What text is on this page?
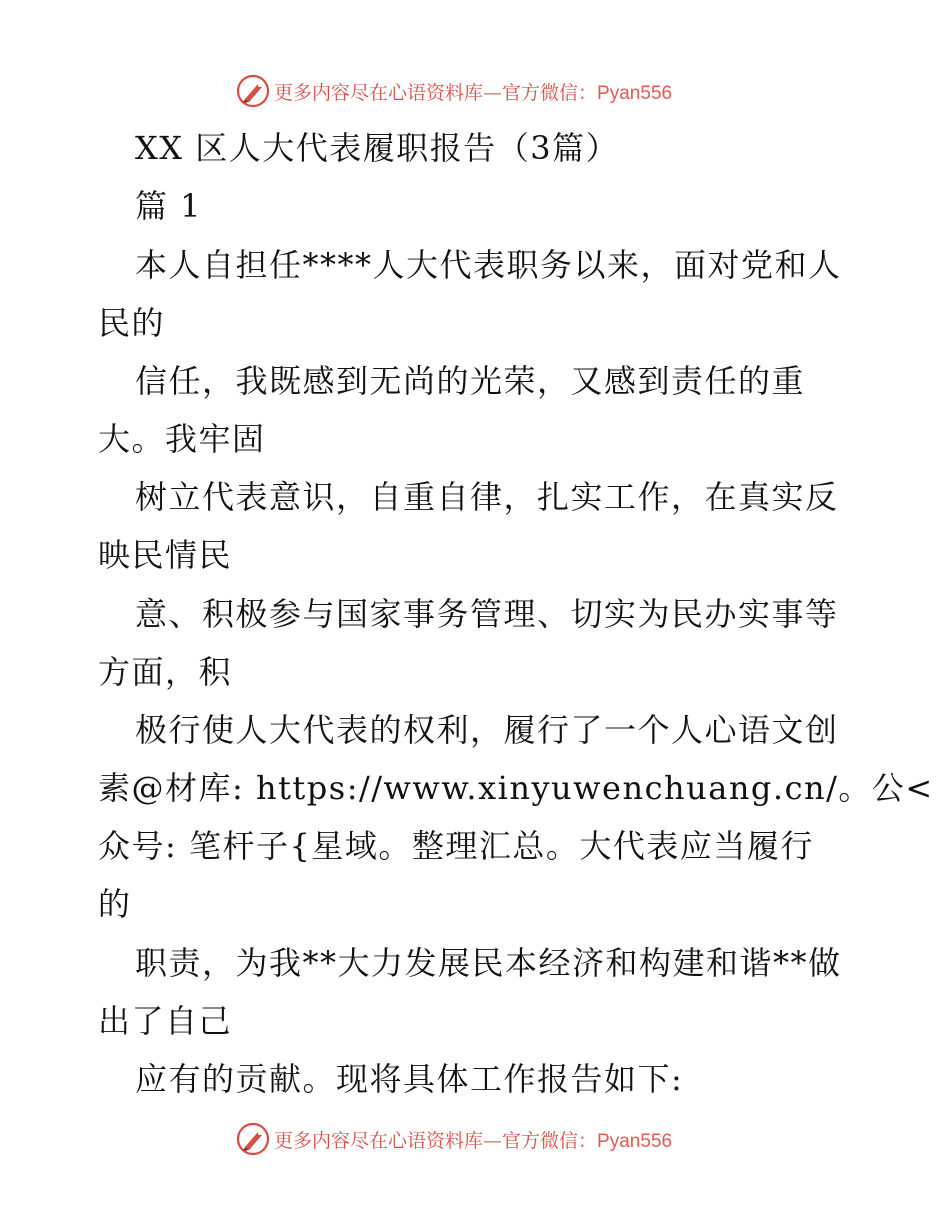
更多内容尽在心语资料库—官方微信：Pyan556
XX 区人大代表履职报告（3篇）
篇 1
本人自担任****人大代表职务以来，面对党和人
民的
信任，我既感到无尚的光荣，又感到责任的重
大。我牢固
树立代表意识，自重自律，扎实工作，在真实反
映民情民
意、积极参与国家事务管理、切实为民办实事等
方面，积
极行使人大代表的权利，履行了一个人心语文创
素@材库: https://www.xinyuwenchuang.cn/。公<
众号: 笔杆子{星域。整理汇总。大代表应当履行
的
职责，为我**大力发展民本经济和构建和谐**做
出了自己
应有的贡献。现将具体工作报告如下:
更多内容尽在心语资料库—官方微信：Pyan556
